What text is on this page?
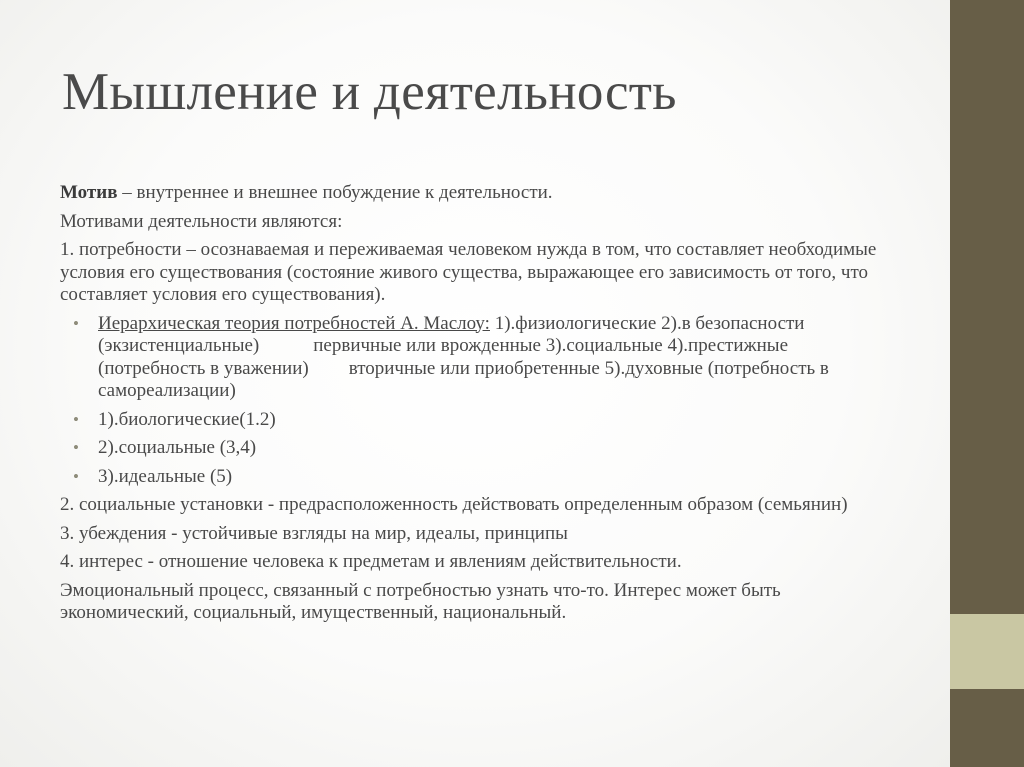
Мышление и деятельность

Мотив – внутреннее и внешнее побуждение к деятельности.

Мотивами деятельности являются:

1. потребности – осознаваемая и переживаемая человеком нужда в том, что составляет необходимые условия его существования (состояние живого существа, выражающее его зависимость от того, что составляет условия его существования).

• Иерархическая теория потребностей А. Маслоу: 1).физиологические 2).в безопасности (экзистенциальные)	первичные или врожденные 3).социальные 4).престижные (потребность в уважении) вторичные или приобретенные 5).духовные (потребность в самореализации)
• 1).биологические(1.2)
• 2).социальные (3,4)
• 3).идеальные (5)

2. социальные установки - предрасположенность действовать определенным образом (семьянин)

3. убеждения - устойчивые взгляды на мир, идеалы, принципы

4. интерес - отношение человека к предметам и явлениям действительности.

Эмоциональный процесс, связанный с потребностью узнать что-то. Интерес может быть экономический, социальный, имущественный, национальный.
